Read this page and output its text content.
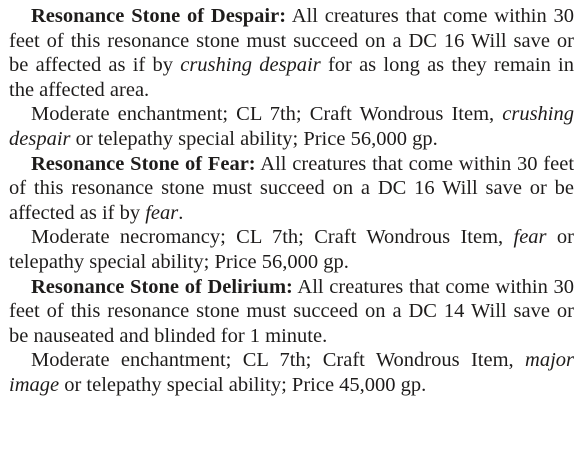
Resonance Stone of Despair: All creatures that come within 30 feet of this resonance stone must succeed on a DC 16 Will save or be affected as if by crushing despair for as long as they remain in the affected area.

Moderate enchantment; CL 7th; Craft Wondrous Item, crushing despair or telepathy special ability; Price 56,000 gp.

Resonance Stone of Fear: All creatures that come within 30 feet of this resonance stone must succeed on a DC 16 Will save or be affected as if by fear.

Moderate necromancy; CL 7th; Craft Wondrous Item, fear or telepathy special ability; Price 56,000 gp.

Resonance Stone of Delirium: All creatures that come within 30 feet of this resonance stone must succeed on a DC 14 Will save or be nauseated and blinded for 1 minute.

Moderate enchantment; CL 7th; Craft Wondrous Item, major image or telepathy special ability; Price 45,000 gp.
